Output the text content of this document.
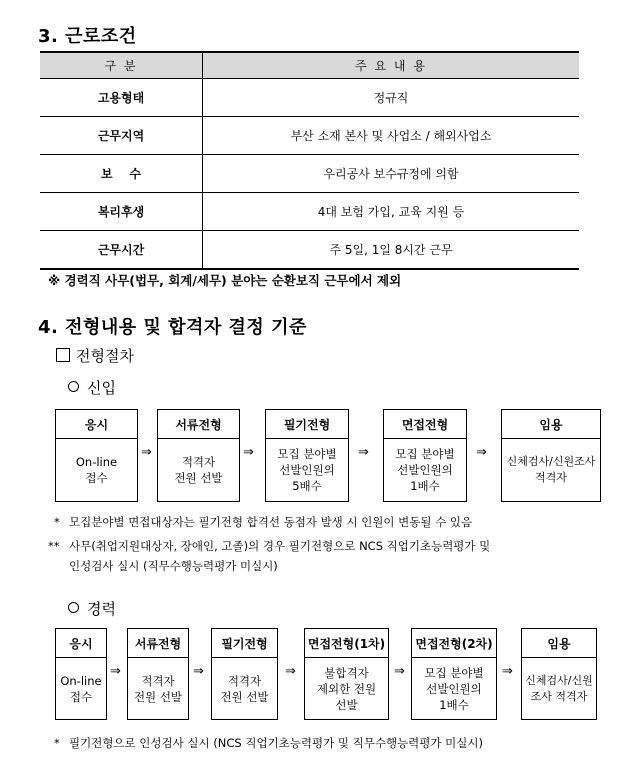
3. 근로조건
구 분	주 요 내 용
고용형태	정규직
근무지역	부산 소재 본사 및 사업소 / 해외사업소
보    수	우리공사 보수규정에 의함
복리후생	4대 보험 가입, 교육 지원 등
근무시간	주 5일, 1일 8시간 근무
※ 경력직 사무(법무, 회계/세무) 분야는 순환보직 근무에서 제외
4. 전형내용 및 합격자 결정 기준
전형절차
신입
응시
On-line
접수
⇒
서류전형
적격자
전원 선발
⇒
필기전형
모집 분야별
선발인원의
5배수
⇒
면접전형
모집 분야별
선발인원의
1배수
⇒
임용
신체검사/신원조사
적격자
* 모집분야별 면접대상자는 필기전형 합격선 동점자 발생 시 인원이 변동될 수 있음
** 사무(취업지원대상자, 장애인, 고졸)의 경우 필기전형으로 NCS 직업기초능력평가 및
인성검사 실시 (직무수행능력평가 미실시)
경력
응시
On-line
접수
⇒
서류전형
적격자
전원 선발
⇒
필기전형
적격자
전원 선발
⇒
면접전형(1차)
불합격자
제외한 전원
선발
⇒
면접전형(2차)
모집 분야별
선발인원의
1배수
⇒
임용
신체검사/신원
조사 적격자
* 필기전형으로 인성검사 실시 (NCS 직업기초능력평가 및 직무수행능력평가 미실시)
